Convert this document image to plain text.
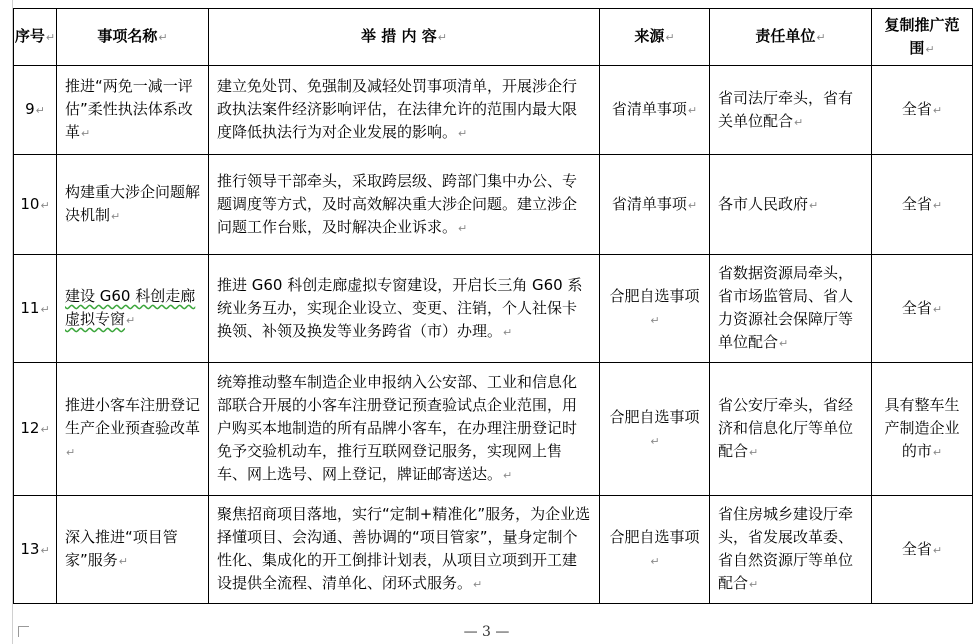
序号↵	事项名称↵	举 措 内 容↵	来源↵	责任单位↵	复制推广范围↵
9↵	推进“两免一减一评估”柔性执法体系改革↵	建立免处罚、免强制及减轻处罚事项清单，开展涉企行政执法案件经济影响评估，在法律允许的范围内最大限度降低执法行为对企业发展的影响。↵	省清单事项↵	省司法厅牵头，省有关单位配合↵	全省↵
10↵	构建重大涉企问题解决机制↵	推行领导干部牵头，采取跨层级、跨部门集中办公、专题调度等方式，及时高效解决重大涉企问题。建立涉企问题工作台账，及时解决企业诉求。↵	省清单事项↵	各市人民政府↵	全省↵
11↵	建设 G60 科创走廊虚拟专窗↵	推进 G60 科创走廊虚拟专窗建设，开启长三角 G60 系统业务互办，实现企业设立、变更、注销，个人社保卡换领、补领及换发等业务跨省（市）办理。↵	合肥自选事项↵	省数据资源局牵头，省市场监管局、省人力资源社会保障厅等单位配合↵	全省↵
12↵	推进小客车注册登记生产企业预查验改革↵	统筹推动整车制造企业申报纳入公安部、工业和信息化部联合开展的小客车注册登记预查验试点企业范围，用户购买本地制造的所有品牌小客车，在办理注册登记时免予交验机动车，推行互联网登记服务，实现网上售车、网上选号、网上登记，牌证邮寄送达。↵	合肥自选事项↵	省公安厅牵头，省经济和信息化厅等单位配合↵	具有整车生产制造企业的市↵
13↵	深入推进“项目管家”服务↵	聚焦招商项目落地，实行“定制+精准化”服务，为企业选择懂项目、会沟通、善协调的“项目管家”，量身定制个性化、集成化的开工倒排计划表，从项目立项到开工建设提供全流程、清单化、闭环式服务。↵	合肥自选事项↵	省住房城乡建设厅牵头，省发展改革委、省自然资源厅等单位配合↵	全省↵
— 3 —
